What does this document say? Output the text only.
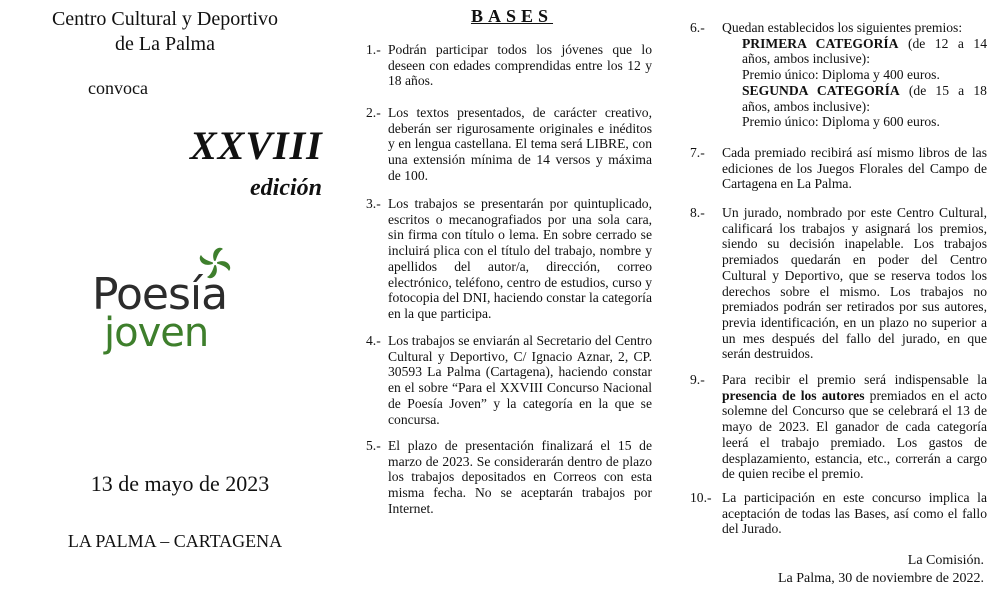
Centro Cultural y Deportivo
de La Palma
convoca
XXVIII
edición
Poesía
joven
13 de mayo de 2023
LA PALMA – CARTAGENA
BASES
1.- Podrán participar todos los jóvenes que lo deseen con edades comprendidas entre los 12 y 18 años.
2.- Los textos presentados, de carácter creativo, deberán ser rigurosamente originales e inéditos y en lengua castellana. El tema será LIBRE, con una extensión mínima de 14 versos y máxima de 100.
3.- Los trabajos se presentarán por quintuplicado, escritos o mecanografiados por una sola cara, sin firma con título o lema. En sobre cerrado se incluirá plica con el título del trabajo, nombre y apellidos del autor/a, dirección, correo electrónico, teléfono, centro de estudios, curso y fotocopia del DNI, haciendo constar la categoría en la que participa.
4.- Los trabajos se enviarán al Secretario del Centro Cultural y Deportivo, C/ Ignacio Aznar, 2, CP. 30593 La Palma (Cartagena), haciendo constar en el sobre “Para el XXVIII Concurso Nacional de Poesía Joven” y la categoría en la que se concursa.
5.- El plazo de presentación finalizará el 15 de marzo de 2023. Se considerarán dentro de plazo los trabajos depositados en Correos con esta misma fecha. No se aceptarán trabajos por Internet.
6.- Quedan establecidos los siguientes premios:
PRIMERA CATEGORÍA (de 12 a 14 años, ambos inclusive):
Premio único: Diploma y 400 euros.
SEGUNDA CATEGORÍA (de 15 a 18 años, ambos inclusive):
Premio único: Diploma y 600 euros.
7.- Cada premiado recibirá así mismo libros de las ediciones de los Juegos Florales del Campo de Cartagena en La Palma.
8.- Un jurado, nombrado por este Centro Cultural, calificará los trabajos y asignará los premios, siendo su decisión inapelable. Los trabajos premiados quedarán en poder del Centro Cultural y Deportivo, que se reserva todos los derechos sobre el mismo. Los trabajos no premiados podrán ser retirados por sus autores, previa identificación, en un plazo no superior a un mes después del fallo del jurado, en que serán destruidos.
9.- Para recibir el premio será indispensable la presencia de los autores premiados en el acto solemne del Concurso que se celebrará el 13 de mayo de 2023. El ganador de cada categoría leerá el trabajo premiado. Los gastos de desplazamiento, estancia, etc., correrán a cargo de quien recibe el premio.
10.- La participación en este concurso implica la aceptación de todas las Bases, así como el fallo del Jurado.
La Comisión.
La Palma, 30 de noviembre de 2022.
